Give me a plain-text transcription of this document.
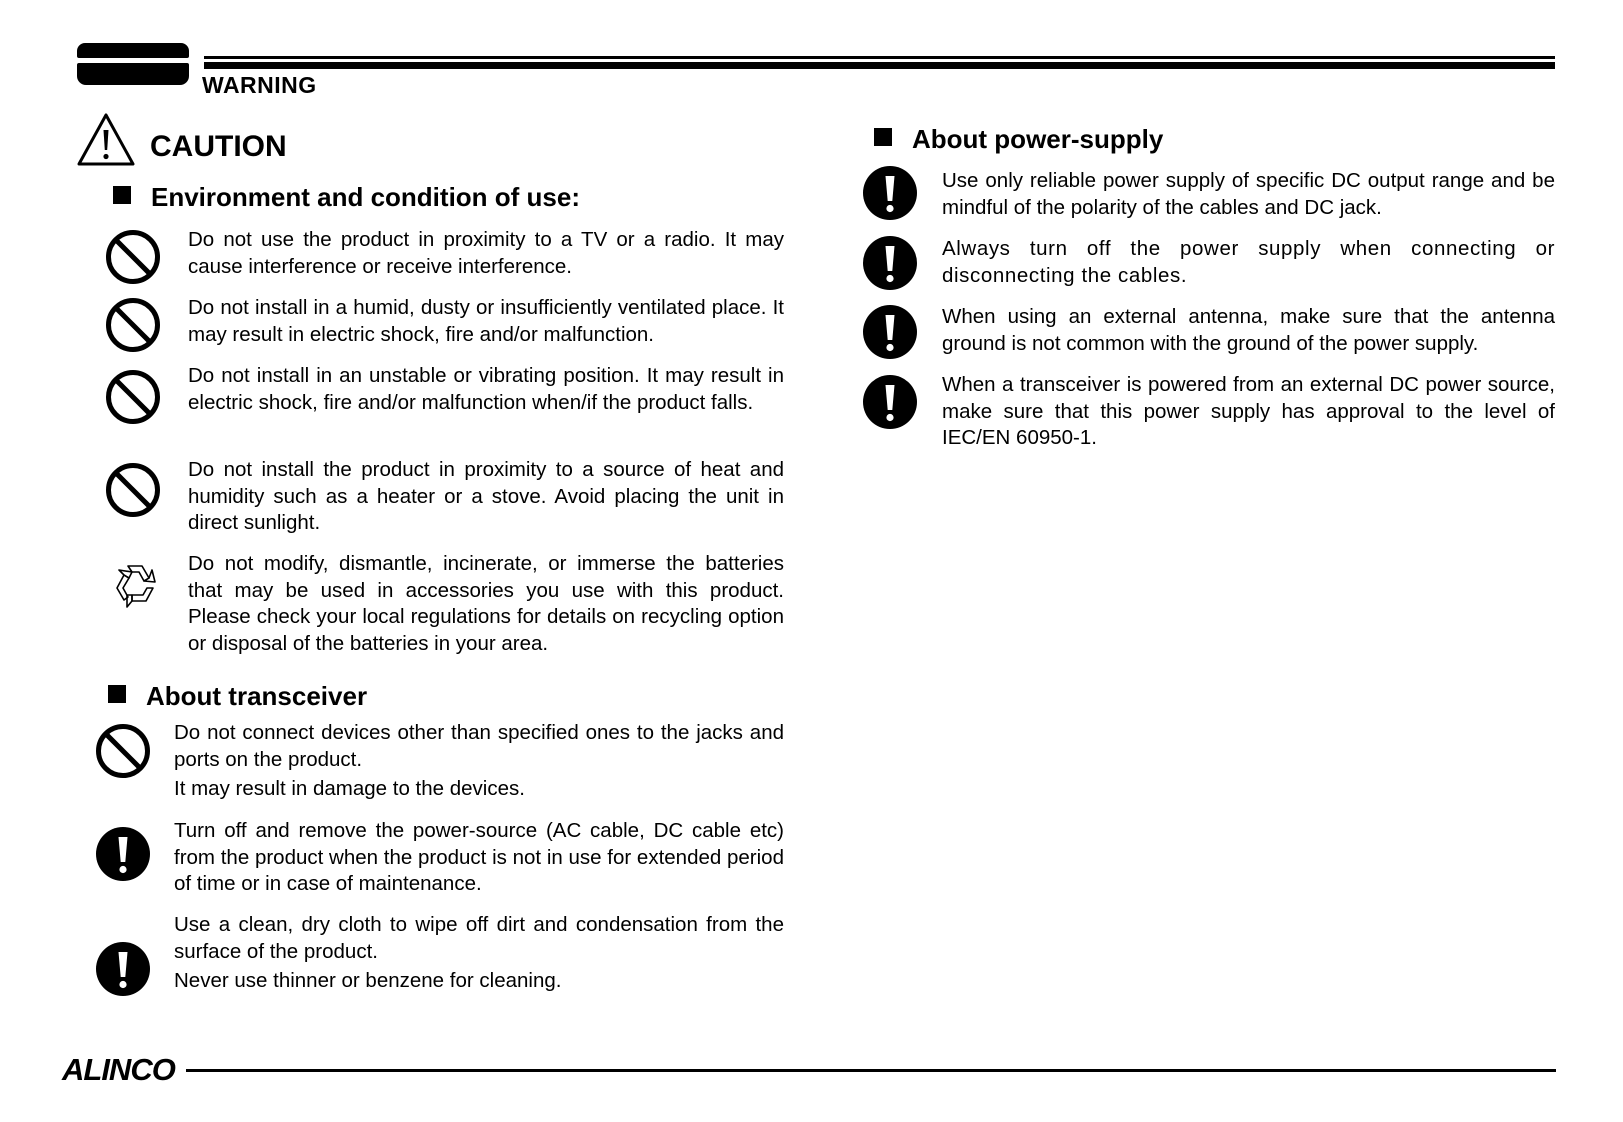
WARNING
CAUTION
Environment and condition of use:

Do not use the product in proximity to a TV or a radio. It may cause interference or receive interference.

Do not install in a humid, dusty or insufficiently ventilated place. It may result in electric shock, fire and/or malfunction.

Do not install in an unstable or vibrating position. It may result in electric shock, fire and/or malfunction when/if the product falls.

Do not install the product in proximity to a source of heat and humidity such as a heater or a stove. Avoid placing the unit in direct sunlight.

Do not modify, dismantle, incinerate, or immerse the batteries that may be used in accessories you use with this product. Please check your local regulations for details on recycling option or disposal of the batteries in your area.

About transceiver

Do not connect devices other than specified ones to the jacks and ports on the product.

It may result in damage to the devices.

Turn off and remove the power-source (AC cable, DC cable etc) from the product when the product is not in use for extended period of time or in case of maintenance.

Use a clean, dry cloth to wipe off dirt and condensation from the surface of the product.

Never use thinner or benzene for cleaning.

About power-supply

Use only reliable power supply of specific DC output range and be mindful of the polarity of the cables and DC jack.

Always turn off the power supply when connecting or disconnecting the cables.

When using an external antenna, make sure that the antenna ground is not common with the ground of the power supply.

When a transceiver is powered from an external DC power source, make sure that this power supply has approval to the level of IEC/EN 60950-1.

ALINCO
